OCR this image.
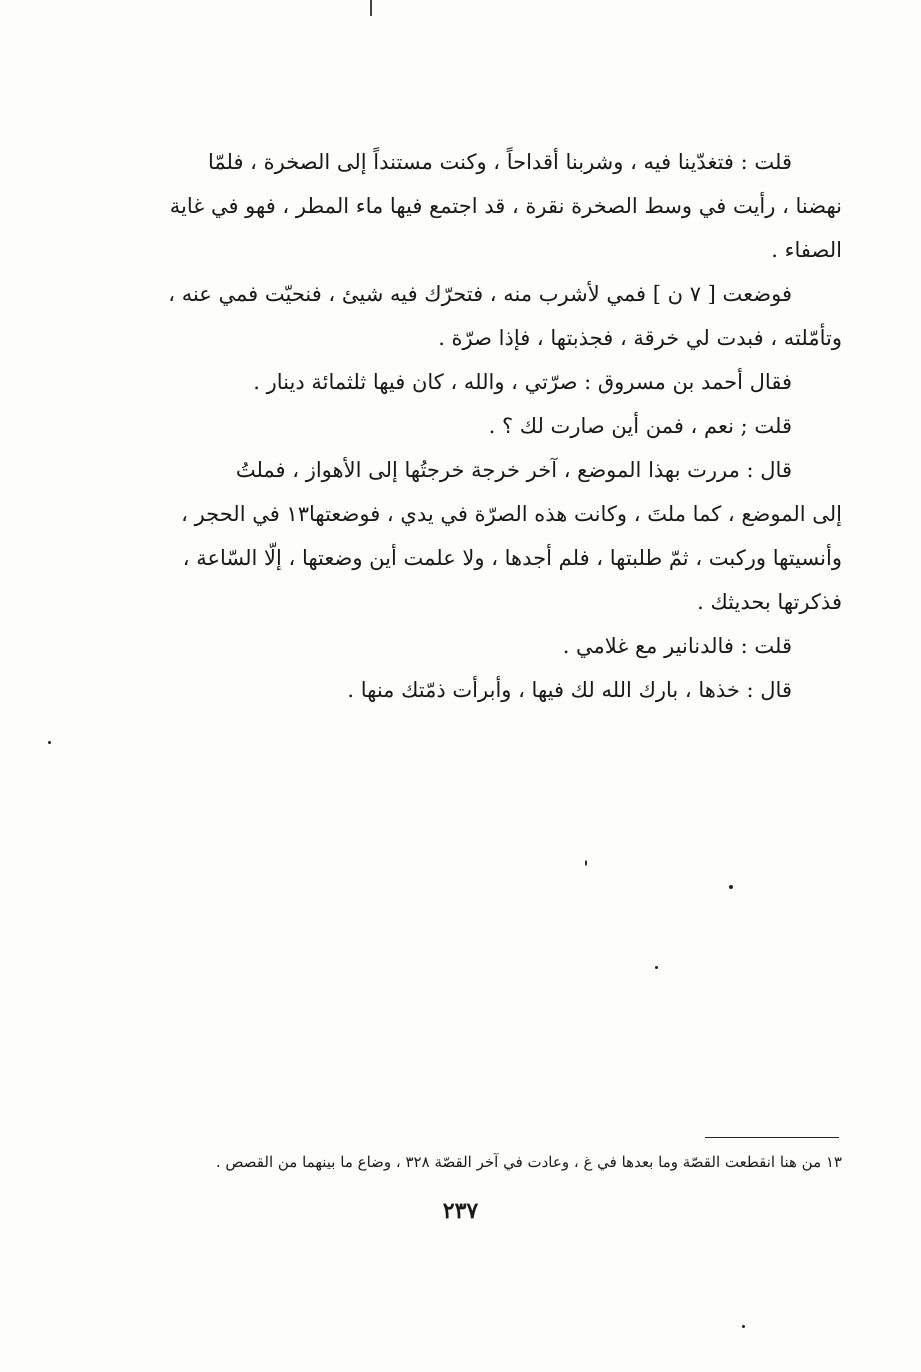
قلت : فتغدّينا فيه ، وشربنا أقداحاً ، وكنت مستنداً إلى الصخرة ، فلمّا
نهضنا ، رأيت في وسط الصخرة نقرة ، قد اجتمع فيها ماء المطر ، فهو في غاية
الصفاء .
فوضعت [ ٧ ن ] فمي لأشرب منه ، فتحرّك فيه شيئ ، فنحيّت فمي عنه ،
وتأمّلته ، فبدت لي خرقة ، فجذبتها ، فإذا صرّة .
فقال أحمد بن مسروق : صرّتي ، والله ، كان فيها ثلثمائة دينار .
قلت ; نعم ، فمن أين صارت لك ؟ .
قال : مررت بهذا الموضع ، آخر خرجة خرجتُها إلى الأهواز ، فملتُ
إلى الموضع ، كما ملتَ ، وكانت هذه الصرّة في يدي ، فوضعتها١٣ في الحجر ،
وأنسيتها وركبت ، ثمّ طلبتها ، فلم أجدها ، ولا علمت أين وضعتها ، إلّا السّاعة ،
فذكرتها بحديثك .
قلت : فالدنانير مع غلامي .
قال : خذها ، بارك الله لك فيها ، وأبرأت ذمّتك منها .
١٣ من هنا انقطعت القصّة وما بعدها في غ ، وعادت في آخر القصّة ٣٢٨ ، وضاع ما بينهما من القصص .
٢٣٧
